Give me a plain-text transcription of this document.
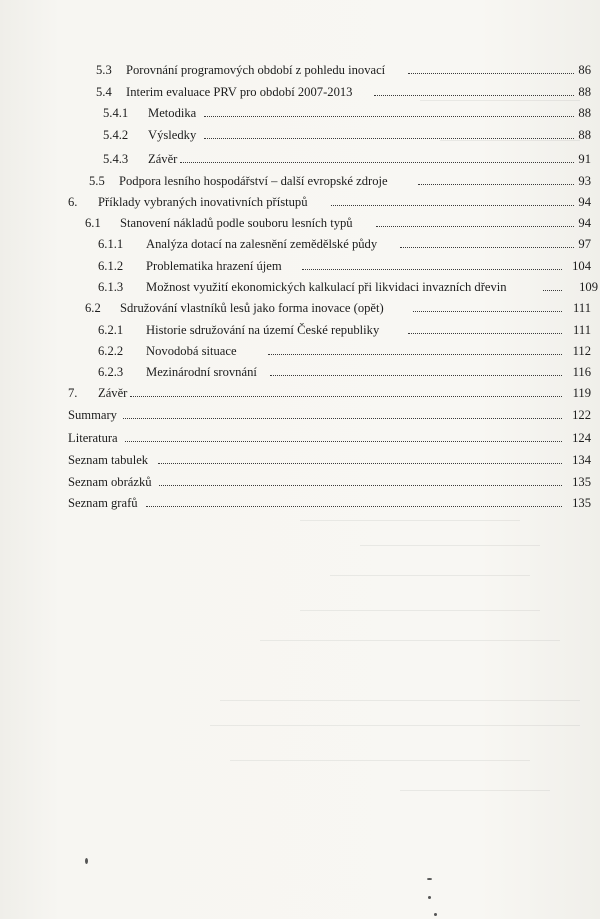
5.3 Porovnání programových období z pohledu inovací	86
5.4 Interim evaluace PRV pro období 2007-2013	88
5.4.1 Metodika	88
5.4.2 Výsledky	88
5.4.3 Závěr	91
5.5 Podpora lesního hospodářství – další evropské zdroje	93
6. Příklady vybraných inovativních přístupů	94
6.1 Stanovení nákladů podle souboru lesních typů	94
6.1.1 Analýza dotací na zalesnění zemědělské půdy	97
6.1.2 Problematika hrazení újem	104
6.1.3 Možnost využití ekonomických kalkulací při likvidaci invazních dřevin	109
6.2 Sdružování vlastníků lesů jako forma inovace (opět)	111
6.2.1 Historie sdružování na území České republiky	111
6.2.2 Novodobá situace	112
6.2.3 Mezinárodní srovnání	116
7. Závěr	119
Summary	122
Literatura	124
Seznam tabulek	134
Seznam obrázků	135
Seznam grafů	135
